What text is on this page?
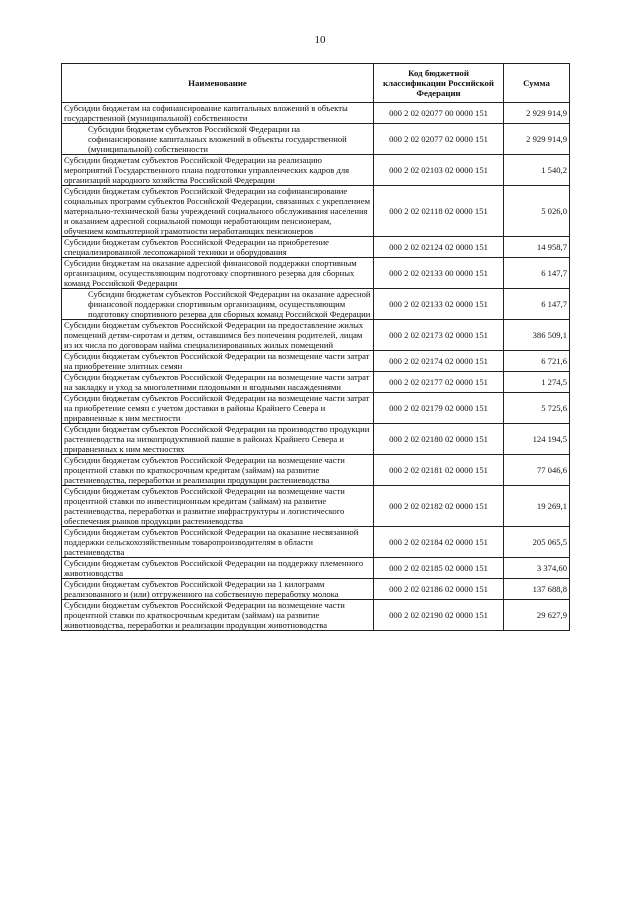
10
Наименование	Код бюджетной классификации Российской Федерации	Сумма
Субсидии бюджетам на софинансирование капитальных вложений в объекты государственной (муниципальной) собственности	000 2 02 02077 00 0000 151	2 929 914,9
Субсидии бюджетам субъектов Российской Федерации на софинансирование капитальных вложений в объекты государственной (муниципальной) собственности	000 2 02 02077 02 0000 151	2 929 914,9
Субсидии бюджетам субъектов Российской Федерации на реализацию мероприятий Государственного плана подготовки управленческих кадров для организаций народного хозяйства Российской Федерации	000 2 02 02103 02 0000 151	1 540,2
Субсидии бюджетам субъектов Российской Федерации на софинансирование социальных программ субъектов Российской Федерации, связанных с укреплением материально-технической базы учреждений социального обслуживания населения и оказанием адресной социальной помощи неработающим пенсионерам, обучением компьютерной грамотности неработающих пенсионеров	000 2 02 02118 02 0000 151	5 026,0
Субсидии бюджетам субъектов Российской Федерации на приобретение специализированной лесопожарной техники и оборудования	000 2 02 02124 02 0000 151	14 958,7
Субсидии бюджетам на оказание адресной финансовой поддержки спортивным организациям, осуществляющим подготовку спортивного резерва для сборных команд Российской Федерации	000 2 02 02133 00 0000 151	6 147,7
Субсидии бюджетам субъектов Российской Федерации на оказание адресной финансовой поддержки спортивным организациям, осуществляющим подготовку спортивного резерва для сборных команд Российской Федерации	000 2 02 02133 02 0000 151	6 147,7
Субсидии бюджетам субъектов Российской Федерации на предоставление жилых помещений детям-сиротам и детям, оставшимся без попечения родителей, лицам из их числа по договорам найма специализированных жилых помещений	000 2 02 02173 02 0000 151	386 509,1
Субсидии бюджетам субъектов Российской Федерации на возмещение части затрат на приобретение элитных семян	000 2 02 02174 02 0000 151	6 721,6
Субсидии бюджетам субъектов Российской Федерации на возмещение части затрат на закладку и уход за многолетними плодовыми и ягодными насаждениями	000 2 02 02177 02 0000 151	1 274,5
Субсидии бюджетам субъектов Российской Федерации на возмещение части затрат на приобретение семян с учетом доставки в районы Крайнего Севера и приравненные к ним местности	000 2 02 02179 02 0000 151	5 725,6
Субсидии бюджетам субъектов Российской Федерации на производство продукции растениеводства на низкопродуктивной пашне в районах Крайнего Севера и приравненных к ним местностях	000 2 02 02180 02 0000 151	124 194,5
Субсидии бюджетам субъектов Российской Федерации на возмещение части процентной ставки по краткосрочным кредитам (займам) на развитие растениеводства, переработки и реализации продукции растениеводства	000 2 02 02181 02 0000 151	77 046,6
Субсидии бюджетам субъектов Российской Федерации на возмещение части процентной ставки по инвестиционным кредитам (займам) на развитие растениеводства, переработки и развитие инфраструктуры и логистического обеспечения рынков продукции растениеводства	000 2 02 02182 02 0000 151	19 269,1
Субсидии бюджетам субъектов Российской Федерации на оказание несвязанной поддержки сельскохозяйственным товаропроизводителям в области растениеводства	000 2 02 02184 02 0000 151	205 065,5
Субсидии бюджетам субъектов Российской Федерации на поддержку племенного животноводства	000 2 02 02185 02 0000 151	3 374,60
Субсидии бюджетам субъектов Российской Федерации на 1 килограмм реализованного и (или) отгруженного на собственную переработку молока	000 2 02 02186 02 0000 151	137 688,8
Субсидии бюджетам субъектов Российской Федерации на возмещение части процентной ставки по краткосрочным кредитам (займам) на развитие животноводства, переработки и реализации продукции животноводства	000 2 02 02190 02 0000 151	29 627,9
